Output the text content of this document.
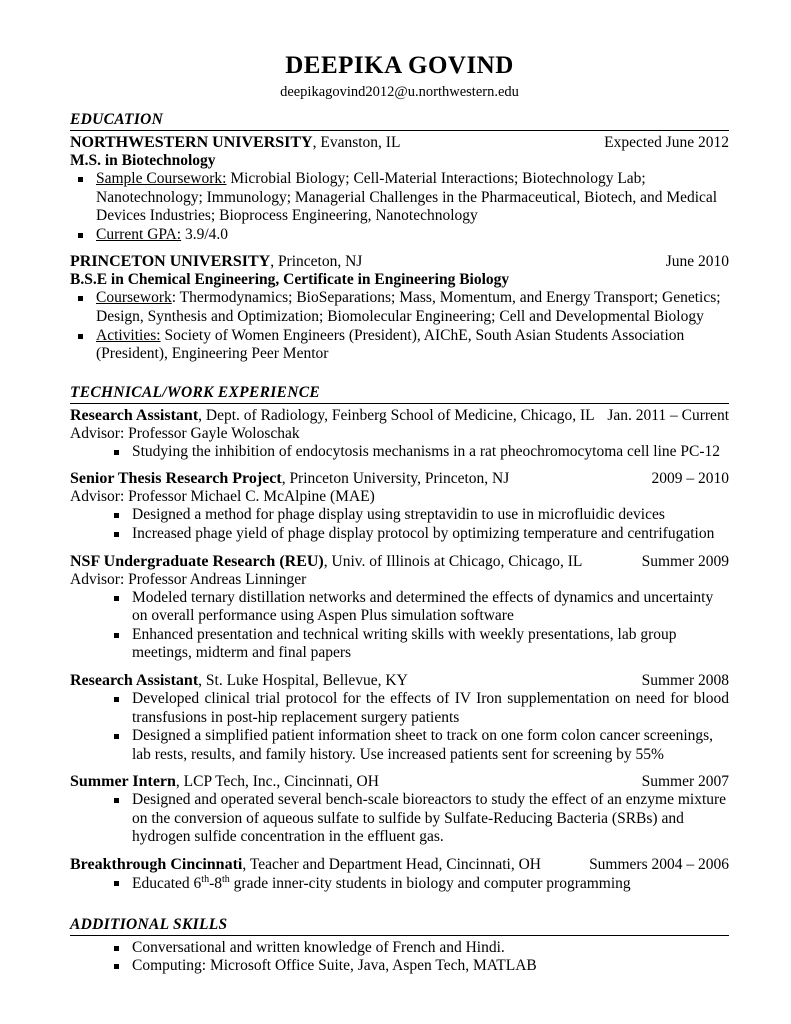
DEEPIKA GOVIND
deepikagovind2012@u.northwestern.edu
EDUCATION
NORTHWESTERN UNIVERSITY, Evanston, IL	Expected June 2012
M.S. in Biotechnology
Sample Coursework: Microbial Biology; Cell-Material Interactions; Biotechnology Lab; Nanotechnology; Immunology; Managerial Challenges in the Pharmaceutical, Biotech, and Medical Devices Industries; Bioprocess Engineering, Nanotechnology
Current GPA: 3.9/4.0
PRINCETON UNIVERSITY, Princeton, NJ	June 2010
B.S.E in Chemical Engineering, Certificate in Engineering Biology
Coursework: Thermodynamics; BioSeparations; Mass, Momentum, and Energy Transport; Genetics; Design, Synthesis and Optimization; Biomolecular Engineering; Cell and Developmental Biology
Activities: Society of Women Engineers (President), AIChE, South Asian Students Association (President), Engineering Peer Mentor
TECHNICAL/WORK EXPERIENCE
Research Assistant, Dept. of Radiology, Feinberg School of Medicine, Chicago, IL Jan. 2011 – Current
Advisor: Professor Gayle Woloschak
Studying the inhibition of endocytosis mechanisms in a rat pheochromocytoma cell line PC-12
Senior Thesis Research Project, Princeton University, Princeton, NJ	2009 – 2010
Advisor: Professor Michael C. McAlpine (MAE)
Designed a method for phage display using streptavidin to use in microfluidic devices
Increased phage yield of phage display protocol by optimizing temperature and centrifugation
NSF Undergraduate Research (REU), Univ. of Illinois at Chicago, Chicago, IL	Summer 2009
Advisor: Professor Andreas Linninger
Modeled ternary distillation networks and determined the effects of dynamics and uncertainty on overall performance using Aspen Plus simulation software
Enhanced presentation and technical writing skills with weekly presentations, lab group meetings, midterm and final papers
Research Assistant, St. Luke Hospital, Bellevue, KY	Summer 2008
Developed clinical trial protocol for the effects of IV Iron supplementation on need for blood transfusions in post-hip replacement surgery patients
Designed a simplified patient information sheet to track on one form colon cancer screenings, lab rests, results, and family history. Use increased patients sent for screening by 55%
Summer Intern, LCP Tech, Inc., Cincinnati, OH	Summer 2007
Designed and operated several bench-scale bioreactors to study the effect of an enzyme mixture on the conversion of aqueous sulfate to sulfide by Sulfate-Reducing Bacteria (SRBs) and hydrogen sulfide concentration in the effluent gas.
Breakthrough Cincinnati, Teacher and Department Head, Cincinnati, OH	Summers 2004 – 2006
Educated 6th-8th grade inner-city students in biology and computer programming
ADDITIONAL SKILLS
Conversational and written knowledge of French and Hindi.
Computing: Microsoft Office Suite, Java, Aspen Tech, MATLAB
